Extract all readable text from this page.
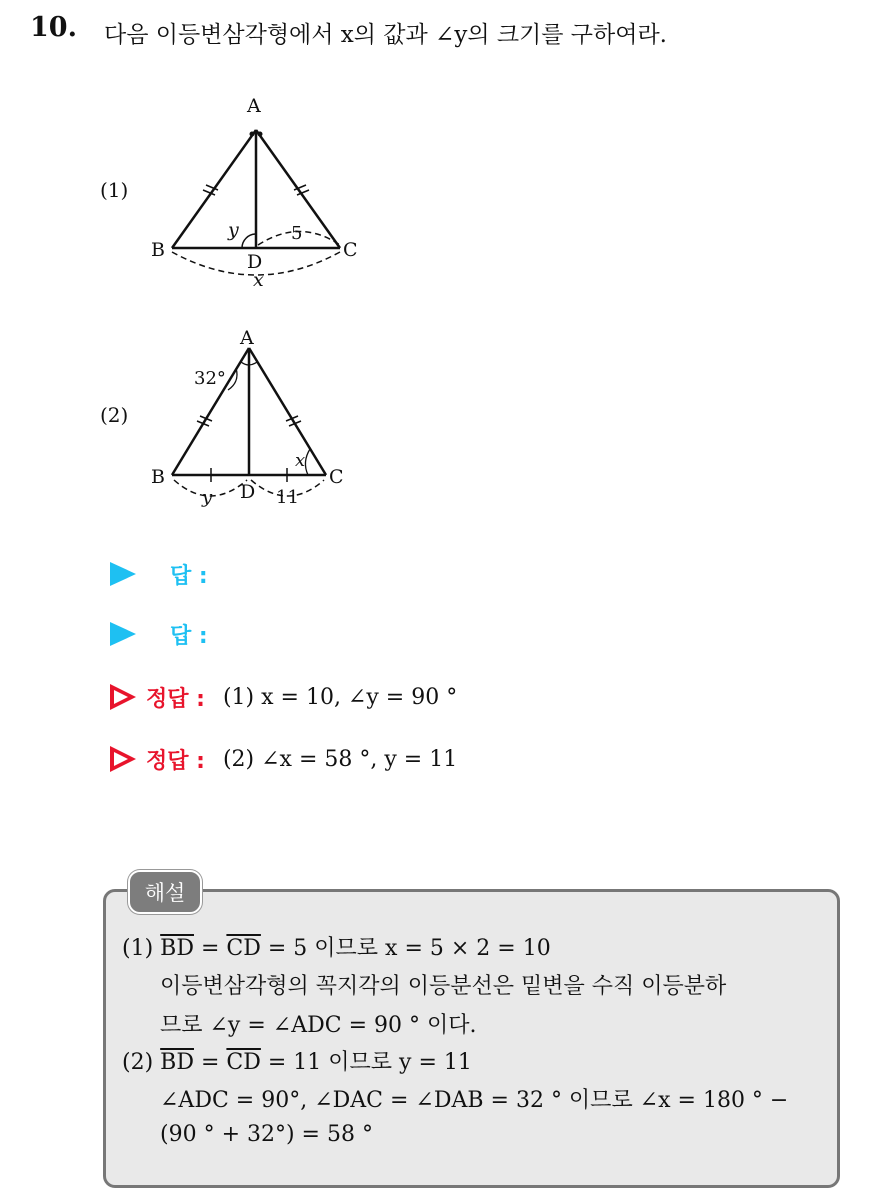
10. 다음 이등변삼각형에서 x의 값과 ∠y의 크기를 구하여라.
(1)
A
B	C
D
y	5
x
(2)
A
B	C
D
32°
x
y	11
답 :
답 :
정답 : (1) x = 10, ∠y = 90 °
정답 : (2) ∠x = 58 °, y = 11
해설
(1) $\overline{BD} = \overline{CD} = 5$ 이므로 x = 5 × 2 = 10
이등변삼각형의 꼭지각의 이등분선은 밑변을 수직 이등분하
므로 ∠y = ∠ADC = 90 ° 이다.
(2) $\overline{BD} = \overline{CD} = 11$ 이므로 y = 11
∠ADC = 90°, ∠DAC = ∠DAB = 32 ° 이므로 ∠x = 180 ° −
(90 ° + 32°) = 58 °
